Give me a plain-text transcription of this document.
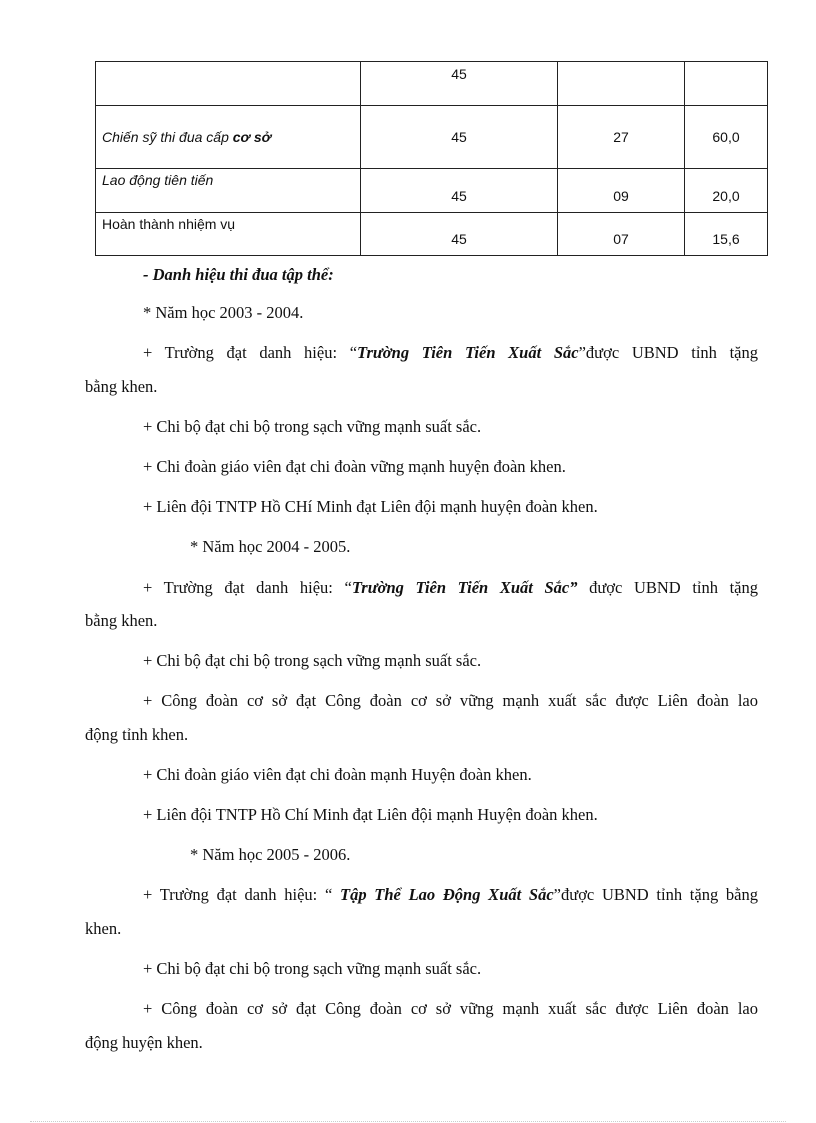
	45		
Chiến sỹ thi đua cấp cơ sở	45	27	60,0
Lao động tiên tiến	45	09	20,0
Hoàn thành nhiệm vụ	45	07	15,6
- Danh hiệu thi đua tập thể:
* Năm học 2003 - 2004.
+ Trường đạt danh hiệu: “Trường Tiên Tiến Xuất Sắc”được UBND tỉnh tặng
bằng khen.
+ Chi bộ đạt chi bộ trong sạch vững mạnh suất sắc.
+ Chi đoàn giáo viên đạt chi đoàn vững mạnh huyện đoàn khen.
+ Liên đội TNTP Hồ CHí Minh đạt Liên đội mạnh huyện đoàn khen.
* Năm học 2004 - 2005.
+ Trường đạt danh hiệu: “Trường Tiên Tiến Xuất Sắc” được UBND tỉnh tặng
bằng khen.
+ Chi bộ đạt chi bộ trong sạch vững mạnh suất sắc.
+ Công đoàn cơ sở đạt Công đoàn cơ sở vững mạnh xuất sắc được Liên đoàn lao
động tỉnh khen.
+ Chi đoàn giáo viên đạt chi đoàn mạnh Huyện đoàn khen.
+ Liên đội TNTP Hồ Chí Minh đạt Liên đội mạnh Huyện đoàn khen.
* Năm học 2005 - 2006.
+ Trường đạt danh hiệu: “ Tập Thể Lao Động Xuất Sắc”được UBND tỉnh tặng bằng
khen.
+ Chi bộ đạt chi bộ trong sạch vững mạnh suất sắc.
+ Công đoàn cơ sở đạt Công đoàn cơ sở vững mạnh xuất sắc được Liên đoàn lao
động huyện khen.
